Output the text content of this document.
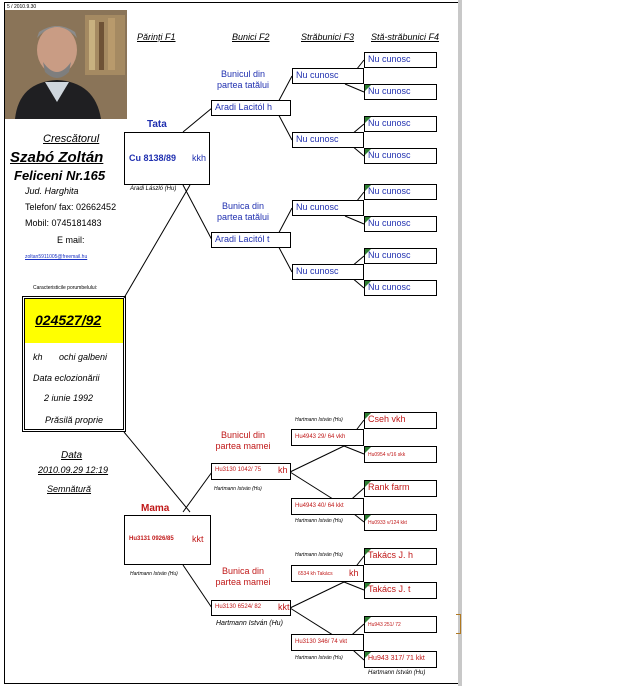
5 / 2010.9.30
Părinți F1	Bunici F2	Străbunici F3 Stă-străbunici F4
Crescătorul
Szabó Zoltán
Feliceni Nr.165
Jud. Harghita
Telefon/ fax: 02662452
Mobil: 0745181483
E mail:
zoltan5911005@freemail.hu
Caracteristicile porumbelului:
024527/92
kh ochi galbeni
Data eclozionării
2 iunie 1992
Prăsilă proprie
Data
2010.09.29 12:19
Semnătură
Tata
Cu 8138/89 kkh
Aradi László (Hu)
Mama
Hu3131 0926/85 kkt
Hartmann István (Hu)
Bunicul din partea tatălui
Aradi Lacitól h
Bunica din partea tatălui
Aradi Lacitól t
Bunicul din partea mamei
Hu3130 1042/ 75 kh
Hartmann István (Hu)
Bunica din partea mamei
Hu3130 6524/ 82 kkt
Hartmann István (Hu)
Nu cunosc
Nu cunosc
Nu cunosc
Nu cunosc
Hartmann István (Hu)
Hu4943 29/ 64 vkh
Hu4943 40/ 64 kkt
Hartmann István (Hu)
Hartmann István (Hu)
6534 kh Takács kh
Hu3130 346/ 74 vkt
Hartmann István (Hu)
Nu cunosc
Nu cunosc
Nu cunosc
Nu cunosc
Nu cunosc
Nu cunosc
Nu cunosc
Nu cunosc
Cseh vkh
Hu0954 v/16 skk
Rank farm
Hu0933 v/124 kkt
Takács J. h
Takács J. t
Hu943 251/ 72
Hu943 317/ 71 kkt
Hartmann István (Hu)
